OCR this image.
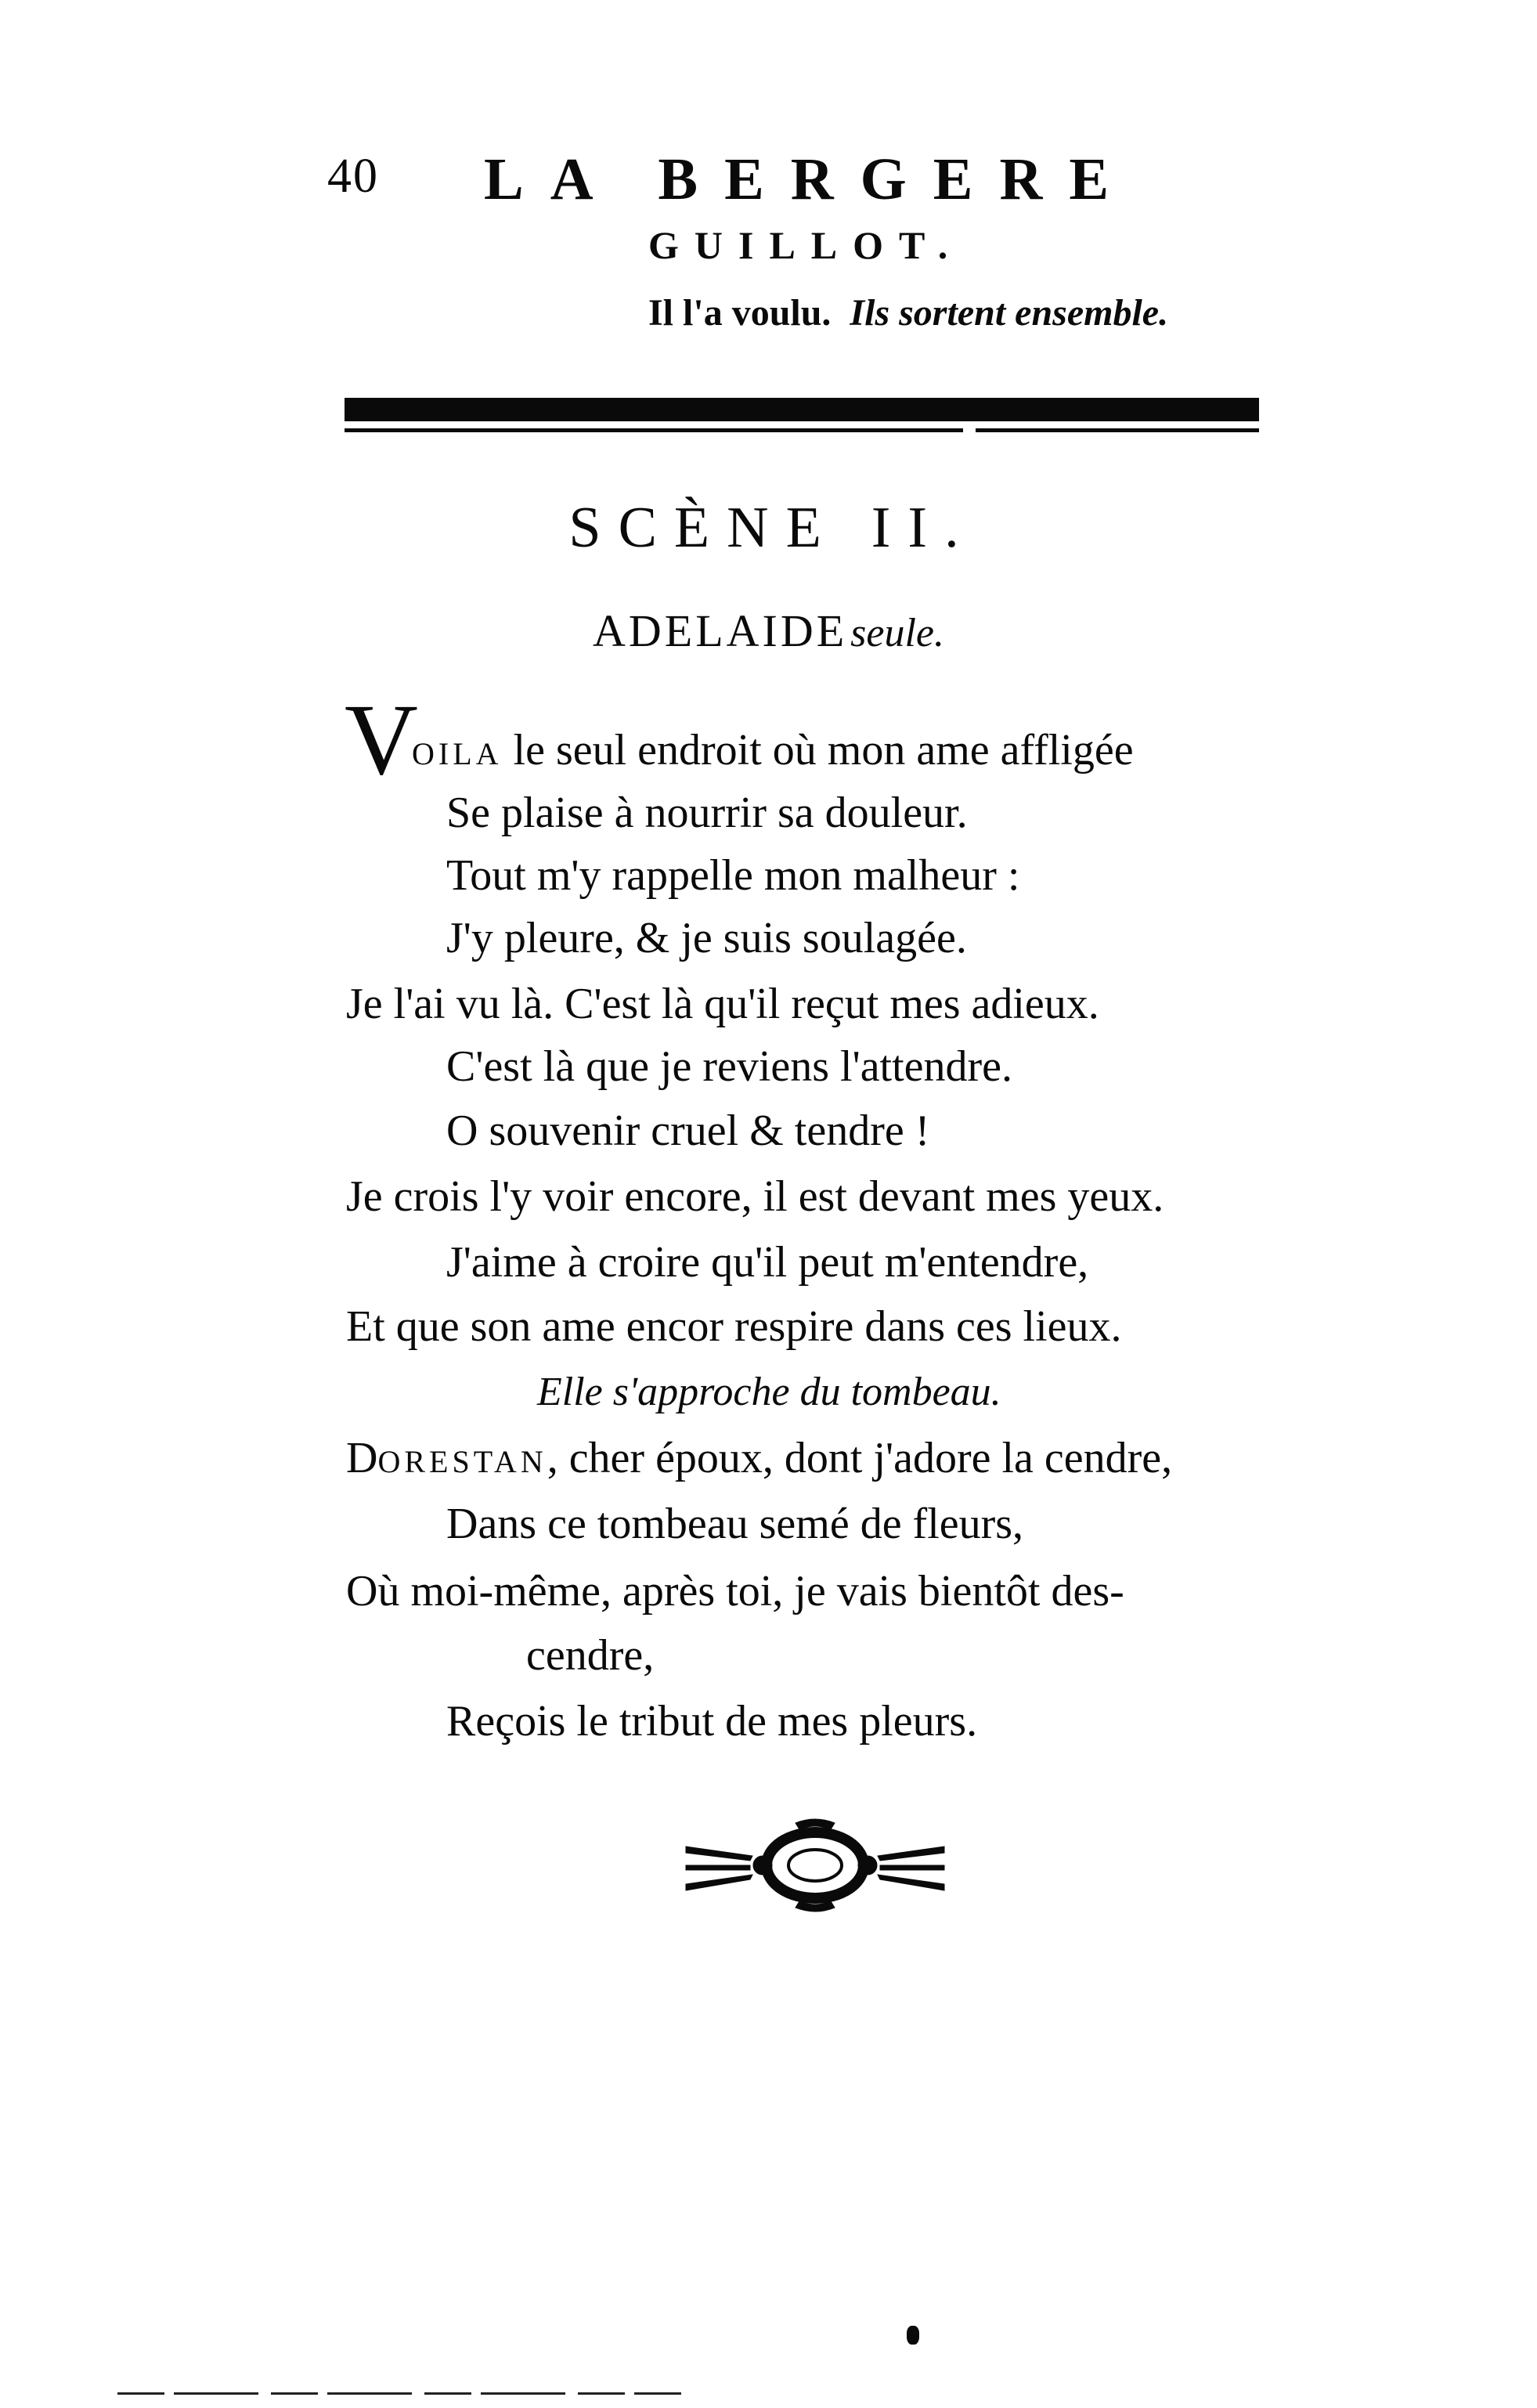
40 LA BERGERE
GUILLOT.
Il l'a voulu. Ils sortent ensemble.
SCÈNE II.
ADELAIDEseule.
V
OILA le seul endroit où mon ame affligée
Se plaise à nourrir sa douleur.
Tout m'y rappelle mon malheur :
J'y pleure, & je suis soulagée.
Je l'ai vu là. C'est là qu'il reçut mes adieux.
C'est là que je reviens l'attendre.
O souvenir cruel & tendre !
Je crois l'y voir encore, il est devant mes yeux.
J'aime à croire qu'il peut m'entendre,
Et que son ame encor respire dans ces lieux.
Elle s'approche du tombeau.
DORESTAN, cher époux, dont j'adore la cendre,
Dans ce tombeau semé de fleurs,
Où moi-même, après toi, je vais bientôt des-
cendre,
Reçois le tribut de mes pleurs.
